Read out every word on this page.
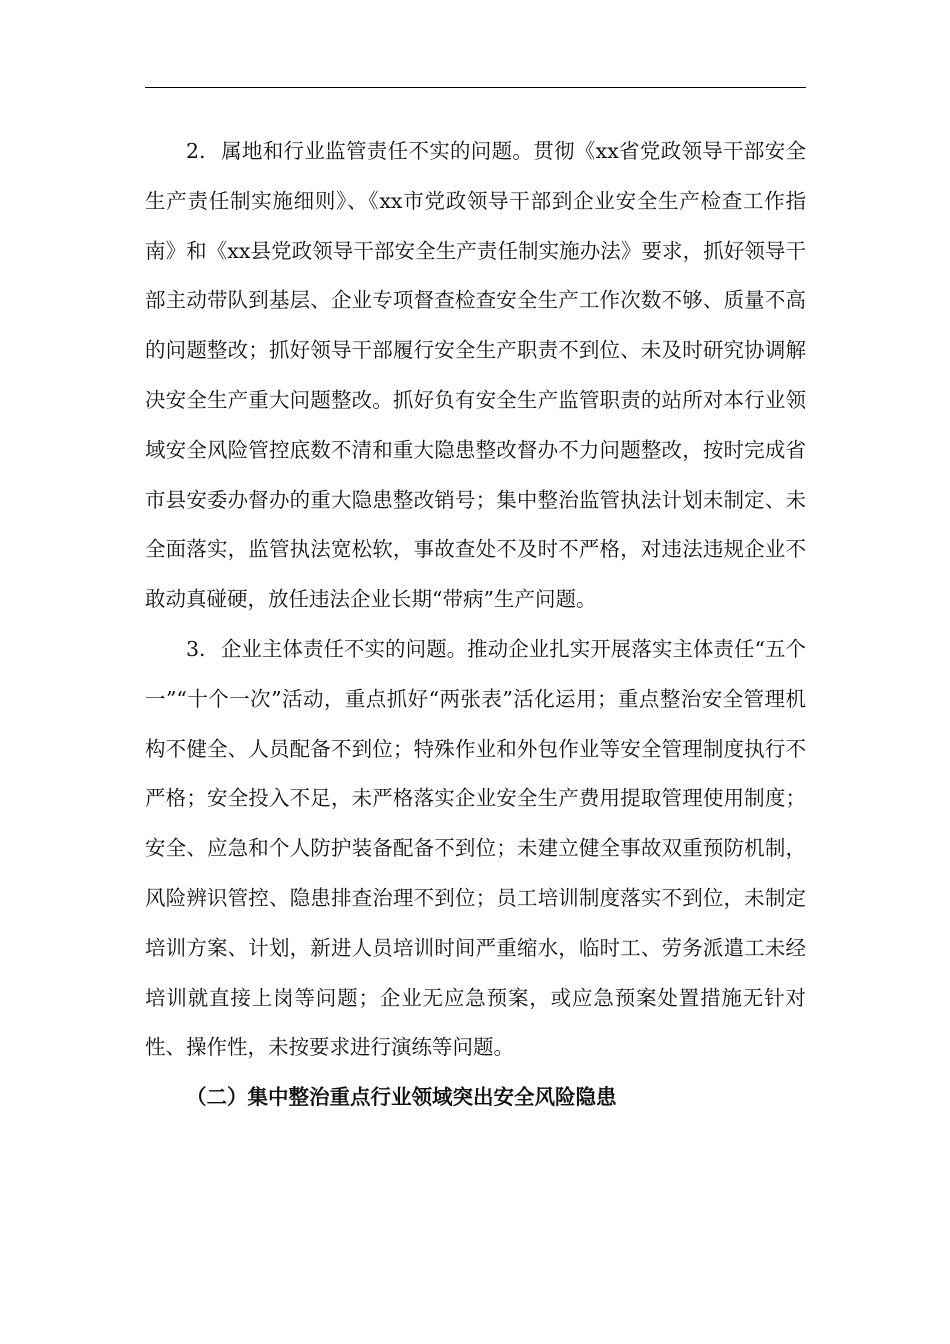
2. 属地和行业监管责任不实的问题。贯彻《xx省党政领导干部安全生产责任制实施细则》、《xx市党政领导干部到企业安全生产检查工作指南》和《xx县党政领导干部安全生产责任制实施办法》要求，抓好领导干部主动带队到基层、企业专项督查检查安全生产工作次数不够、质量不高的问题整改；抓好领导干部履行安全生产职责不到位、未及时研究协调解决安全生产重大问题整改。抓好负有安全生产监管职责的站所对本行业领域安全风险管控底数不清和重大隐患整改督办不力问题整改，按时完成省市县安委办督办的重大隐患整改销号；集中整治监管执法计划未制定、未全面落实，监管执法宽松软，事故查处不及时不严格，对违法违规企业不敢动真碰硬，放任违法企业长期“带病”生产问题。

3. 企业主体责任不实的问题。推动企业扎实开展落实主体责任“五个一”“十个一次”活动，重点抓好“两张表”活化运用；重点整治安全管理机构不健全、人员配备不到位；特殊作业和外包作业等安全管理制度执行不严格；安全投入不足，未严格落实企业安全生产费用提取管理使用制度；安全、应急和个人防护装备配备不到位；未建立健全事故双重预防机制，风险辨识管控、隐患排查治理不到位；员工培训制度落实不到位，未制定培训方案、计划，新进人员培训时间严重缩水，临时工、劳务派遣工未经培训就直接上岗等问题；企业无应急预案，或应急预案处置措施无针对性、操作性，未按要求进行演练等问题。

（二）集中整治重点行业领域突出安全风险隐患
